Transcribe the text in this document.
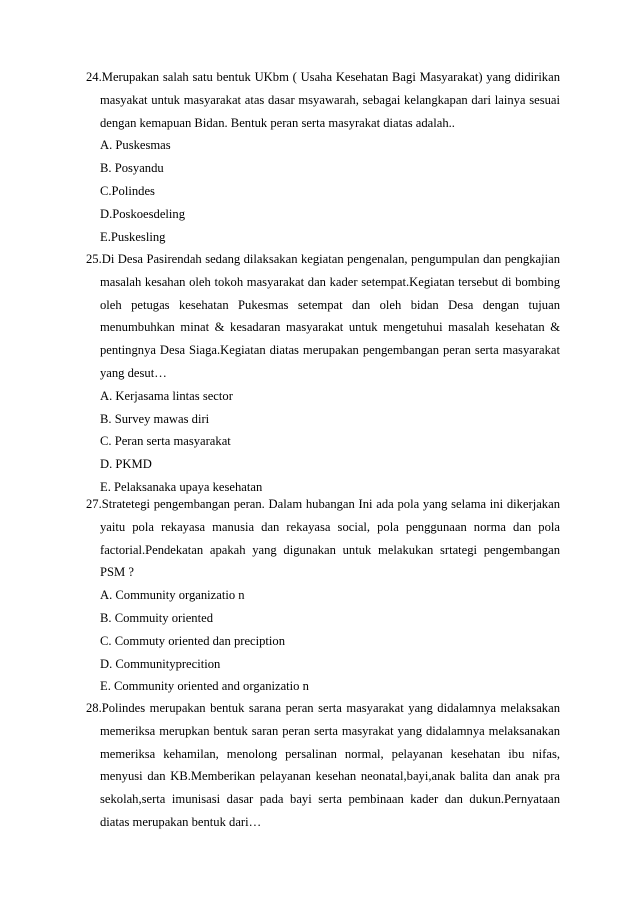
24.Merupakan salah satu bentuk UKbm ( Usaha Kesehatan Bagi Masyarakat) yang didirikan masyakat untuk masyarakat atas dasar msyawarah, sebagai kelangkapan dari lainya sesuai dengan kemapuan Bidan. Bentuk peran serta masyrakat diatas adalah..
A. Puskesmas
B. Posyandu
C.Polindes
D.Poskoesdeling
E.Puskesling
25.Di Desa Pasirendah sedang dilaksakan kegiatan pengenalan, pengumpulan dan pengkajian masalah kesahan oleh tokoh masyarakat dan kader setempat.Kegiatan tersebut di bombing oleh petugas kesehatan Pukesmas setempat dan oleh bidan Desa dengan tujuan menumbuhkan minat & kesadaran masyarakat untuk mengetuhui masalah kesehatan & pentingnya Desa Siaga.Kegiatan diatas merupakan pengembangan peran serta masyarakat yang desut…
A. Kerjasama lintas sector
B. Survey mawas diri
C. Peran serta masyarakat
D. PKMD
E. Pelaksanaka upaya kesehatan
27.Stratetegi pengembangan peran. Dalam hubangan Ini ada pola yang selama ini dikerjakan yaitu pola rekayasa manusia dan rekayasa social, pola penggunaan norma dan pola factorial.Pendekatan apakah yang digunakan untuk melakukan srtategi pengembangan PSM ?
A. Community organizatio n
B. Commuity oriented
C. Commuty oriented dan preciption
D. Communityprecition
E. Community oriented and organizatio n
28.Polindes merupakan bentuk sarana peran serta masyarakat yang didalamnya melaksakan memeriksa merupkan bentuk saran peran serta masyrakat yang didalamnya melaksanakan memeriksa kehamilan, menolong persalinan normal, pelayanan kesehatan ibu nifas, menyusi dan KB.Memberikan pelayanan kesehan neonatal,bayi,anak balita dan anak pra sekolah,serta imunisasi dasar pada bayi serta pembinaan kader dan dukun.Pernyataan diatas merupakan bentuk dari…
